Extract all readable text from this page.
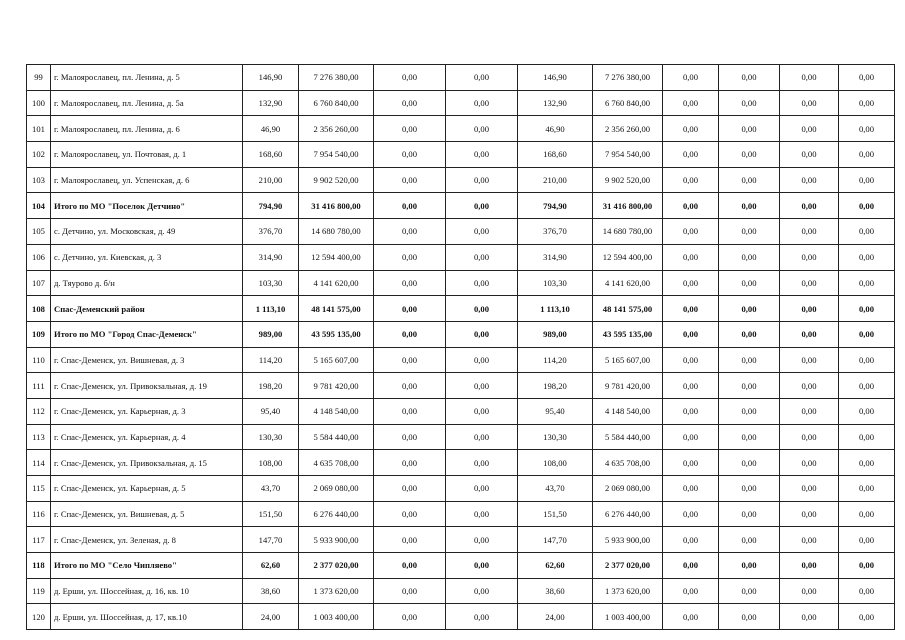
99	г. Малоярославец, пл. Ленина, д. 5	146,90	7 276 380,00	0,00	0,00	146,90	7 276 380,00	0,00	0,00	0,00	0,00
100	г. Малоярославец, пл. Ленина, д. 5а	132,90	6 760 840,00	0,00	0,00	132,90	6 760 840,00	0,00	0,00	0,00	0,00
101	г. Малоярославец, пл. Ленина, д. 6	46,90	2 356 260,00	0,00	0,00	46,90	2 356 260,00	0,00	0,00	0,00	0,00
102	г. Малоярославец, ул. Почтовая, д. 1	168,60	7 954 540,00	0,00	0,00	168,60	7 954 540,00	0,00	0,00	0,00	0,00
103	г. Малоярославец, ул. Успенская, д. 6	210,00	9 902 520,00	0,00	0,00	210,00	9 902 520,00	0,00	0,00	0,00	0,00
104	Итого по МО "Поселок Детчино"	794,90	31 416 800,00	0,00	0,00	794,90	31 416 800,00	0,00	0,00	0,00	0,00
105	с. Детчино, ул. Московская, д. 49	376,70	14 680 780,00	0,00	0,00	376,70	14 680 780,00	0,00	0,00	0,00	0,00
106	с. Детчино, ул. Киевская, д. 3	314,90	12 594 400,00	0,00	0,00	314,90	12 594 400,00	0,00	0,00	0,00	0,00
107	д. Тяурово д. б/н	103,30	4 141 620,00	0,00	0,00	103,30	4 141 620,00	0,00	0,00	0,00	0,00
108	Спас-Деменский район	1 113,10	48 141 575,00	0,00	0,00	1 113,10	48 141 575,00	0,00	0,00	0,00	0,00
109	Итого по МО "Город Спас-Деменск"	989,00	43 595 135,00	0,00	0,00	989,00	43 595 135,00	0,00	0,00	0,00	0,00
110	г. Спас-Деменск, ул. Вишневая, д. 3	114,20	5 165 607,00	0,00	0,00	114,20	5 165 607,00	0,00	0,00	0,00	0,00
111	г. Спас-Деменск, ул. Привокзальная, д. 19	198,20	9 781 420,00	0,00	0,00	198,20	9 781 420,00	0,00	0,00	0,00	0,00
112	г. Спас-Деменск, ул. Карьерная, д. 3	95,40	4 148 540,00	0,00	0,00	95,40	4 148 540,00	0,00	0,00	0,00	0,00
113	г. Спас-Деменск, ул. Карьерная, д. 4	130,30	5 584 440,00	0,00	0,00	130,30	5 584 440,00	0,00	0,00	0,00	0,00
114	г. Спас-Деменск, ул. Привокзальная, д. 15	108,00	4 635 708,00	0,00	0,00	108,00	4 635 708,00	0,00	0,00	0,00	0,00
115	г. Спас-Деменск, ул. Карьерная, д. 5	43,70	2 069 080,00	0,00	0,00	43,70	2 069 080,00	0,00	0,00	0,00	0,00
116	г. Спас-Деменск, ул. Вишневая, д. 5	151,50	6 276 440,00	0,00	0,00	151,50	6 276 440,00	0,00	0,00	0,00	0,00
117	г. Спас-Деменск, ул. Зеленая, д. 8	147,70	5 933 900,00	0,00	0,00	147,70	5 933 900,00	0,00	0,00	0,00	0,00
118	Итого по МО "Село Чипляево"	62,60	2 377 020,00	0,00	0,00	62,60	2 377 020,00	0,00	0,00	0,00	0,00
119	д. Ерши, ул. Шоссейная, д. 16, кв. 10	38,60	1 373 620,00	0,00	0,00	38,60	1 373 620,00	0,00	0,00	0,00	0,00
120	д. Ерши, ул. Шоссейная, д. 17, кв.10	24,00	1 003 400,00	0,00	0,00	24,00	1 003 400,00	0,00	0,00	0,00	0,00
